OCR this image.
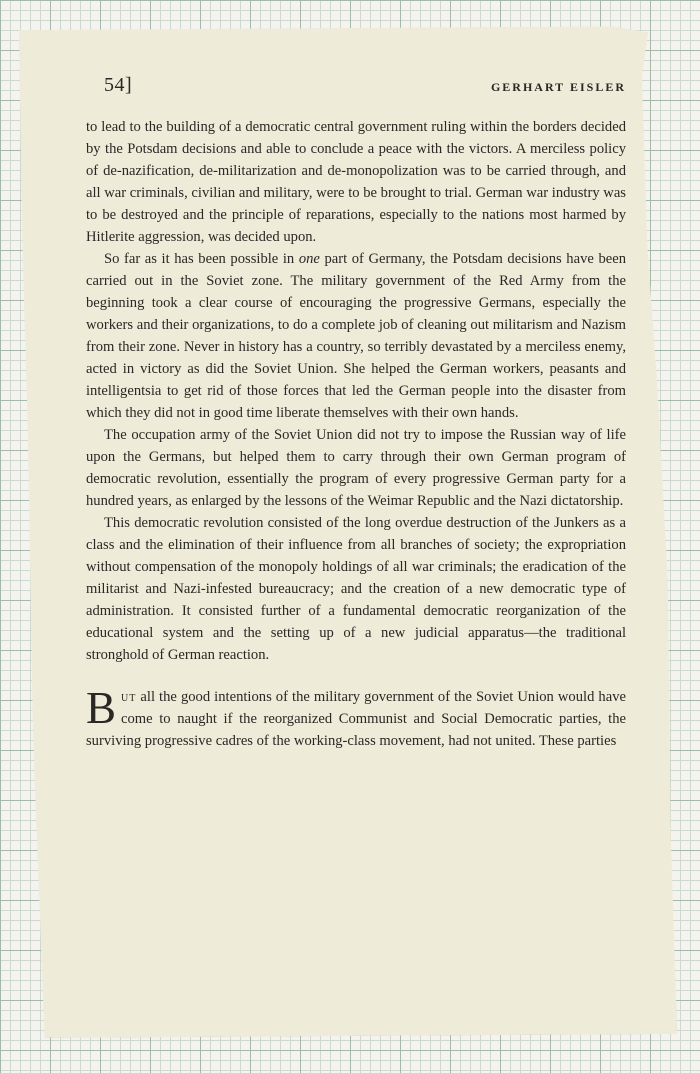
54]	GERHART EISLER

to lead to the building of a democratic central government ruling within the borders decided by the Potsdam decisions and able to conclude a peace with the victors. A merciless policy of de-nazification, de-militarization and de-monopolization was to be carried through, and all war criminals, civilian and military, were to be brought to trial. German war industry was to be destroyed and the principle of reparations, especially to the nations most harmed by Hitlerite aggression, was decided upon.

So far as it has been possible in one part of Germany, the Potsdam decisions have been carried out in the Soviet zone. The military government of the Red Army from the beginning took a clear course of encouraging the progressive Germans, especially the workers and their organizations, to do a complete job of cleaning out militarism and Nazism from their zone. Never in history has a country, so terribly devastated by a merciless enemy, acted in victory as did the Soviet Union. She helped the German workers, peasants and intelligentsia to get rid of those forces that led the German people into the disaster from which they did not in good time liberate themselves with their own hands.

The occupation army of the Soviet Union did not try to impose the Russian way of life upon the Germans, but helped them to carry through their own German program of democratic revolution, essentially the program of every progressive German party for a hundred years, as enlarged by the lessons of the Weimar Republic and the Nazi dictatorship.

This democratic revolution consisted of the long overdue destruction of the Junkers as a class and the elimination of their influence from all branches of society; the expropriation without compensation of the monopoly holdings of all war criminals; the eradication of the militarist and Nazi-infested bureaucracy; and the creation of a new democratic type of administration. It consisted further of a fundamental democratic reorganization of the educational system and the setting up of a new judicial apparatus—the traditional stronghold of German reaction.

But all the good intentions of the military government of the Soviet Union would have come to naught if the reorganized Communist and Social Democratic parties, the surviving progressive cadres of the working-class movement, had not united. These parties
